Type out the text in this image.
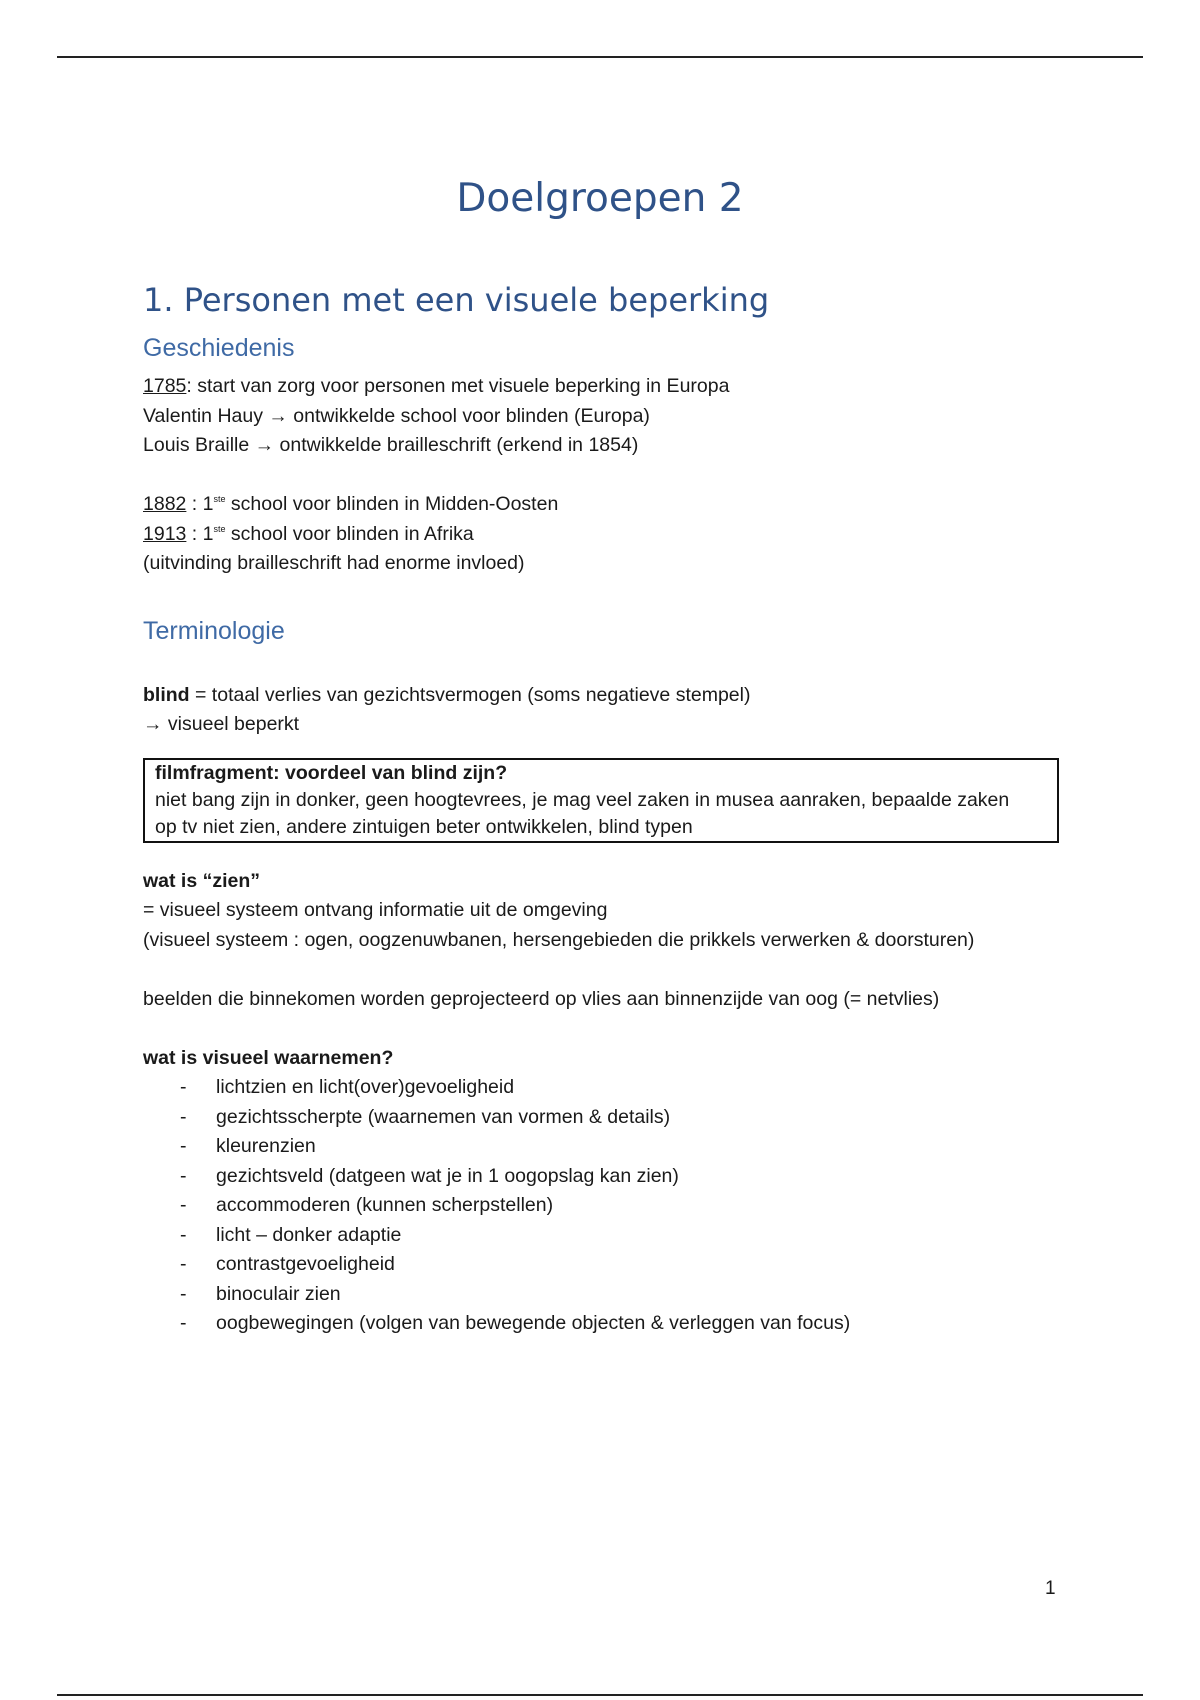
Doelgroepen 2
1. Personen met een visuele beperking
Geschiedenis
1785: start van zorg voor personen met visuele beperking in Europa
Valentin Hauy → ontwikkelde school voor blinden (Europa)
Louis Braille → ontwikkelde brailleschrift (erkend in 1854)
1882 : 1ste school voor blinden in Midden-Oosten
1913 : 1ste school voor blinden in Afrika
(uitvinding brailleschrift had enorme invloed)
Terminologie
blind = totaal verlies van gezichtsvermogen (soms negatieve stempel)
→ visueel beperkt
filmfragment: voordeel van blind zijn?
niet bang zijn in donker, geen hoogtevrees, je mag veel zaken in musea aanraken, bepaalde zaken
op tv niet zien, andere zintuigen beter ontwikkelen, blind typen
wat is “zien”
= visueel systeem ontvang informatie uit de omgeving
(visueel systeem : ogen, oogzenuwbanen, hersengebieden die prikkels verwerken & doorsturen)
beelden die binnekomen worden geprojecteerd op vlies aan binnenzijde van oog (= netvlies)
wat is visueel waarnemen?
- lichtzien en licht(over)gevoeligheid
- gezichtsscherpte (waarnemen van vormen & details)
- kleurenzien
- gezichtsveld (datgeen wat je in 1 oogopslag kan zien)
- accommoderen (kunnen scherpstellen)
- licht – donker adaptie
- contrastgevoeligheid
- binoculair zien
- oogbewegingen (volgen van bewegende objecten & verleggen van focus)
1
